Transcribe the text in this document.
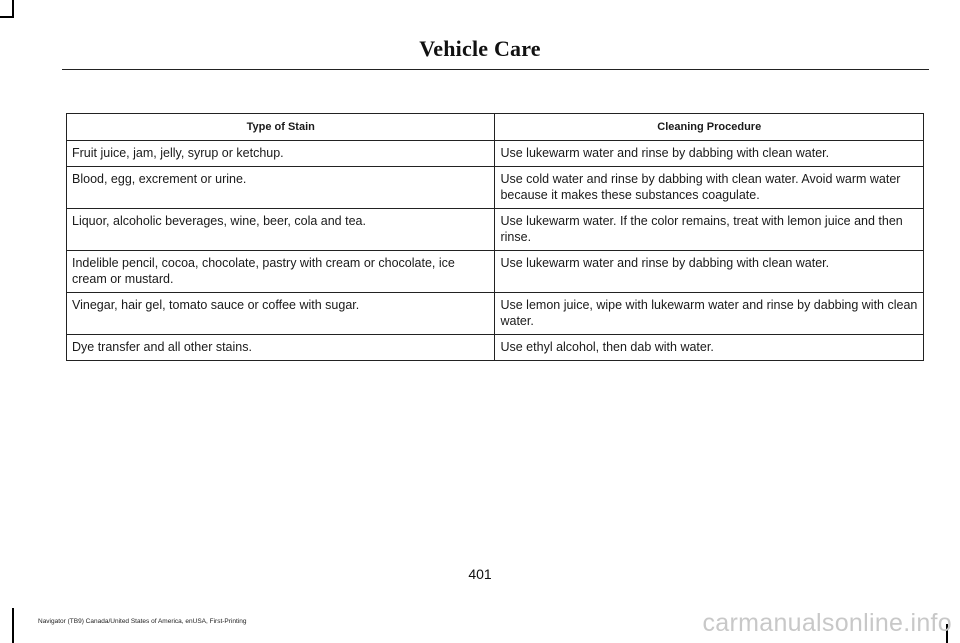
Vehicle Care
Type of Stain	Cleaning Procedure
Fruit juice, jam, jelly, syrup or ketchup.	Use lukewarm water and rinse by dabbing with clean water.
Blood, egg, excrement or urine.	Use cold water and rinse by dabbing with clean water. Avoid warm water because it makes these substances coagulate.
Liquor, alcoholic beverages, wine, beer, cola and tea.	Use lukewarm water. If the color remains, treat with lemon juice and then rinse.
Indelible pencil, cocoa, chocolate, pastry with cream or chocolate, ice cream or mustard.	Use lukewarm water and rinse by dabbing with clean water.
Vinegar, hair gel, tomato sauce or coffee with sugar.	Use lemon juice, wipe with lukewarm water and rinse by dabbing with clean water.
Dye transfer and all other stains.	Use ethyl alcohol, then dab with water.
401
Navigator (TB9) Canada/United States of America, enUSA, First-Printing	carmanualsonline.info
